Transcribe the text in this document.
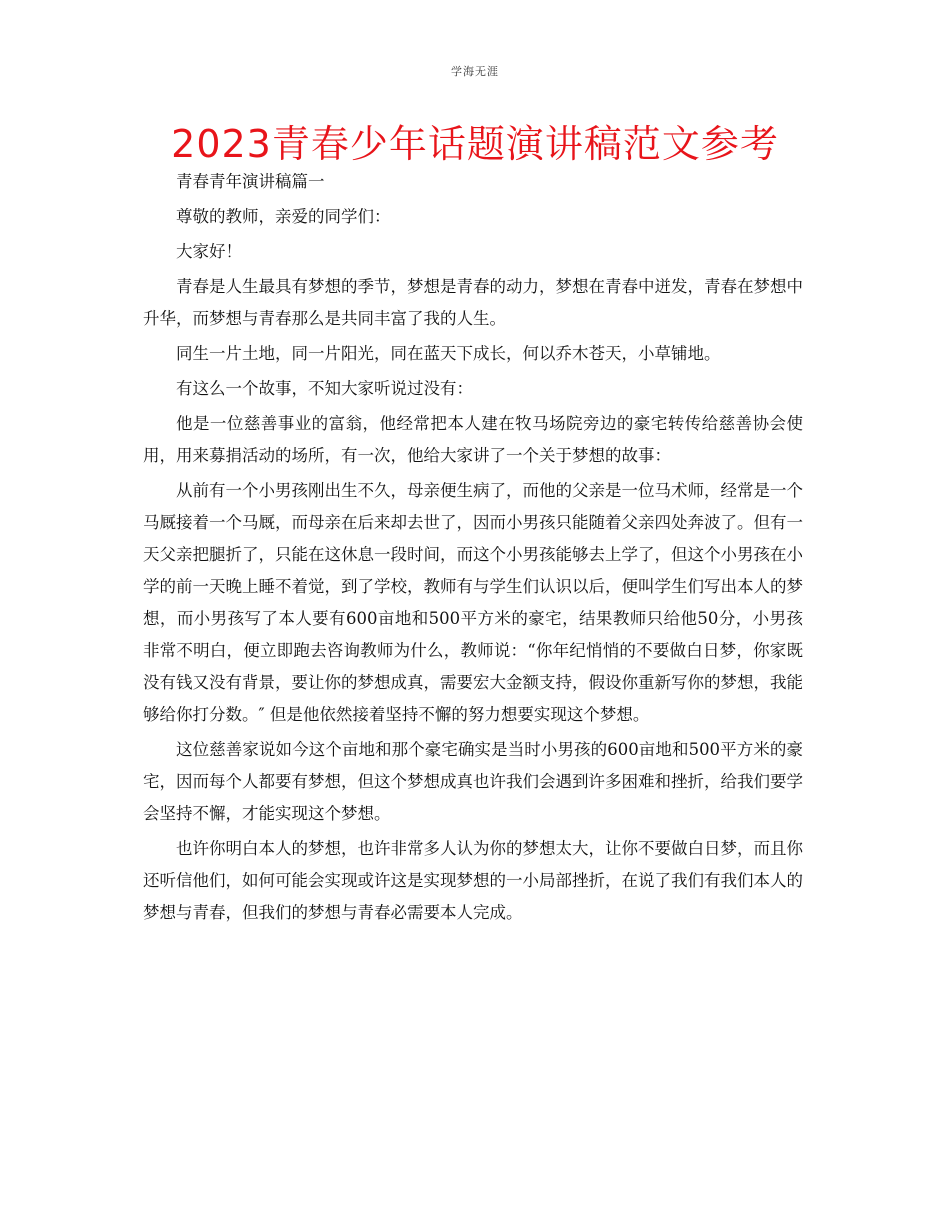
学海无涯
2023青春少年话题演讲稿范文参考

青春青年演讲稿篇一

尊敬的教师，亲爱的同学们：

大家好！

青春是人生最具有梦想的季节，梦想是青春的动力，梦想在青春中迸发，青春在梦想中升华，而梦想与青春那么是共同丰富了我的人生。

同生一片土地，同一片阳光，同在蓝天下成长，何以乔木苍天，小草铺地。

有这么一个故事，不知大家听说过没有：

他是一位慈善事业的富翁，他经常把本人建在牧马场院旁边的豪宅转传给慈善协会使用，用来募捐活动的场所，有一次，他给大家讲了一个关于梦想的故事：

从前有一个小男孩刚出生不久，母亲便生病了，而他的父亲是一位马术师，经常是一个马厩接着一个马厩，而母亲在后来却去世了，因而小男孩只能随着父亲四处奔波了。但有一天父亲把腿折了，只能在这休息一段时间，而这个小男孩能够去上学了，但这个小男孩在小学的前一天晚上睡不着觉，到了学校，教师有与学生们认识以后，便叫学生们写出本人的梦想，而小男孩写了本人要有600亩地和500平方米的豪宅，结果教师只给他50分，小男孩非常不明白，便立即跑去咨询教师为什么，教师说：“你年纪悄悄的不要做白日梦，你家既没有钱又没有背景，要让你的梦想成真，需要宏大金额支持，假设你重新写你的梦想，我能够给你打分数。″ 但是他依然接着坚持不懈的努力想要实现这个梦想。

这位慈善家说如今这个亩地和那个豪宅确实是当时小男孩的600亩地和500平方米的豪宅，因而每个人都要有梦想，但这个梦想成真也许我们会遇到许多困难和挫折，给我们要学会坚持不懈，才能实现这个梦想。

也许你明白本人的梦想，也许非常多人认为你的梦想太大，让你不要做白日梦，而且你还听信他们，如何可能会实现或许这是实现梦想的一小局部挫折，在说了我们有我们本人的梦想与青春，但我们的梦想与青春必需要本人完成。
